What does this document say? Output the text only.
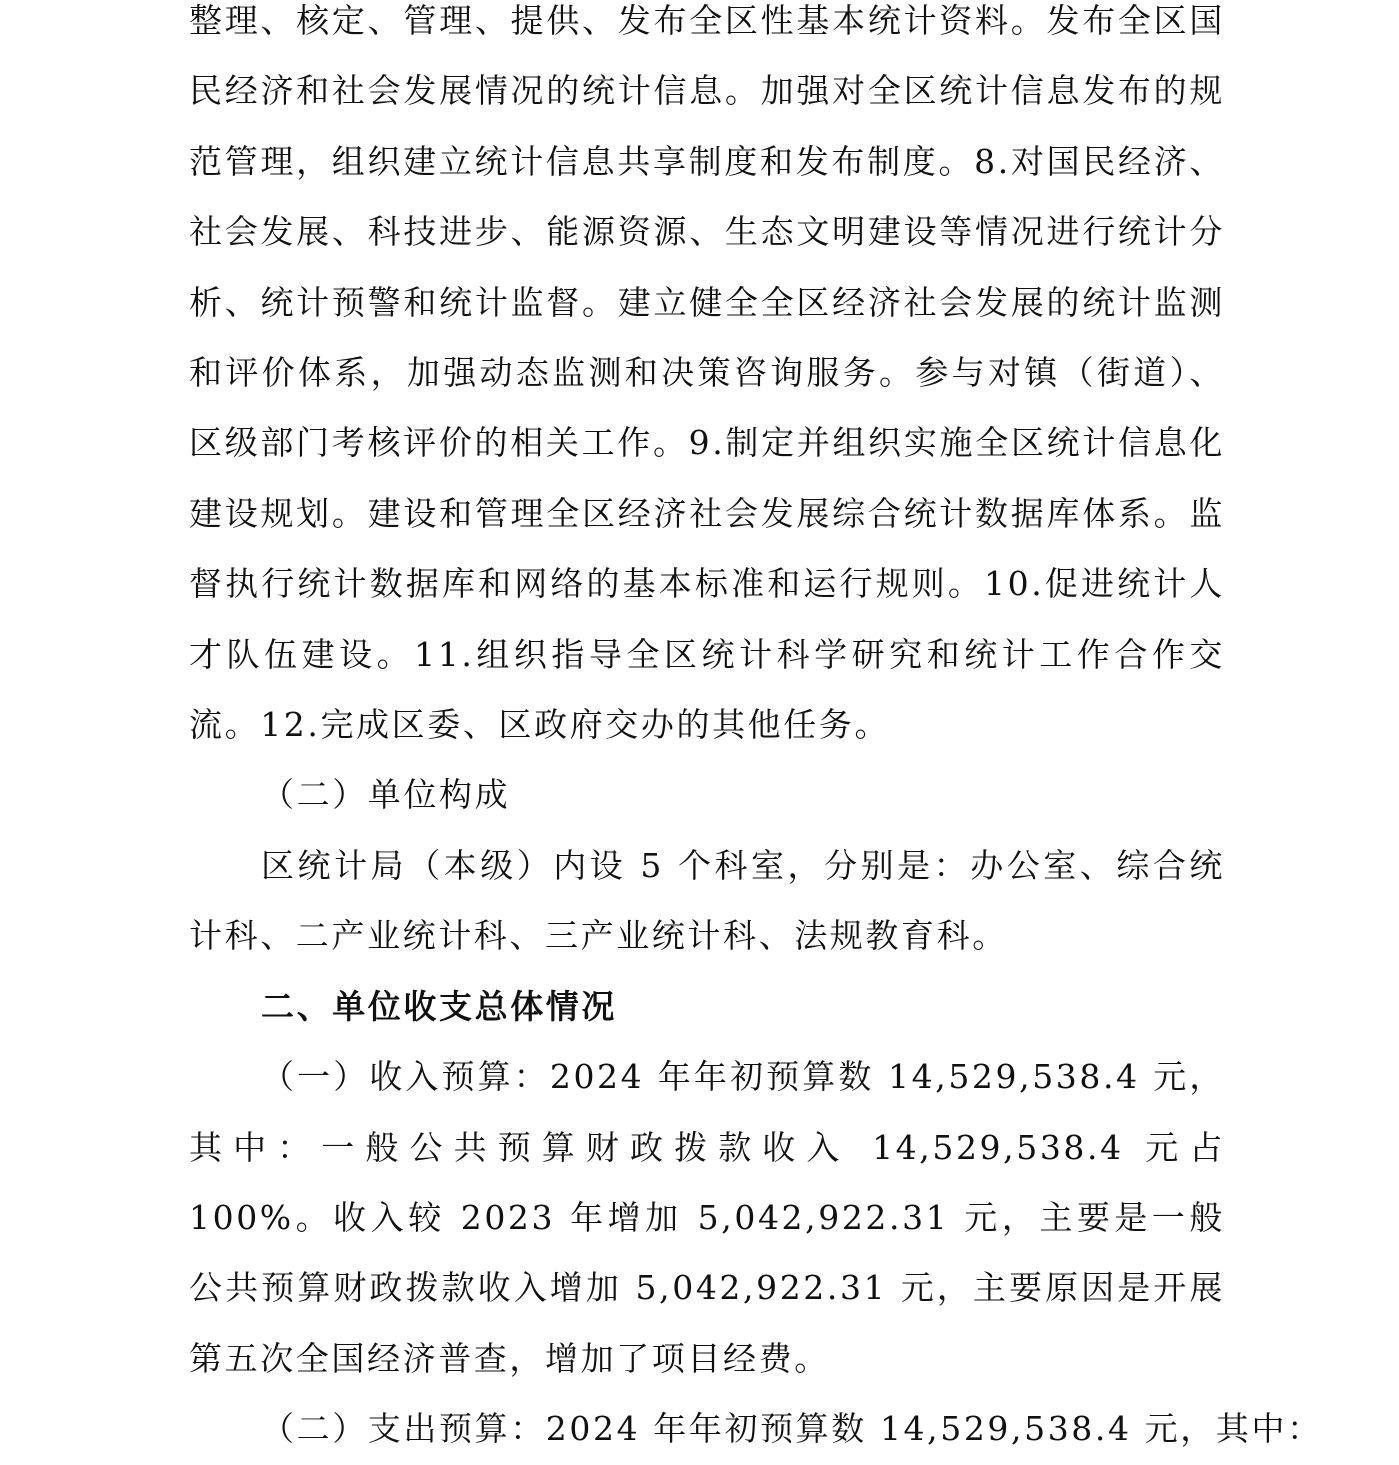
整理、核定、管理、提供、发布全区性基本统计资料。发布全区国民经济和社会发展情况的统计信息。加强对全区统计信息发布的规范管理，组织建立统计信息共享制度和发布制度。8.对国民经济、社会发展、科技进步、能源资源、生态文明建设等情况进行统计分析、统计预警和统计监督。建立健全全区经济社会发展的统计监测和评价体系，加强动态监测和决策咨询服务。参与对镇（街道）、区级部门考核评价的相关工作。9.制定并组织实施全区统计信息化建设规划。建设和管理全区经济社会发展综合统计数据库体系。监督执行统计数据库和网络的基本标准和运行规则。10.促进统计人才队伍建设。11.组织指导全区统计科学研究和统计工作合作交流。12.完成区委、区政府交办的其他任务。

（二）单位构成

区统计局（本级）内设 5 个科室，分别是：办公室、综合统计科、二产业统计科、三产业统计科、法规教育科。

二、单位收支总体情况

（一）收入预算：2024 年年初预算数 14,529,538.4 元，其中：一般公共预算财政拨款收入 14,529,538.4 元占 100%。收入较 2023 年增加 5,042,922.31 元，主要是一般公共预算财政拨款收入增加 5,042,922.31 元，主要原因是开展第五次全国经济普查，增加了项目经费。

（二）支出预算：2024 年年初预算数 14,529,538.4 元，其中：
